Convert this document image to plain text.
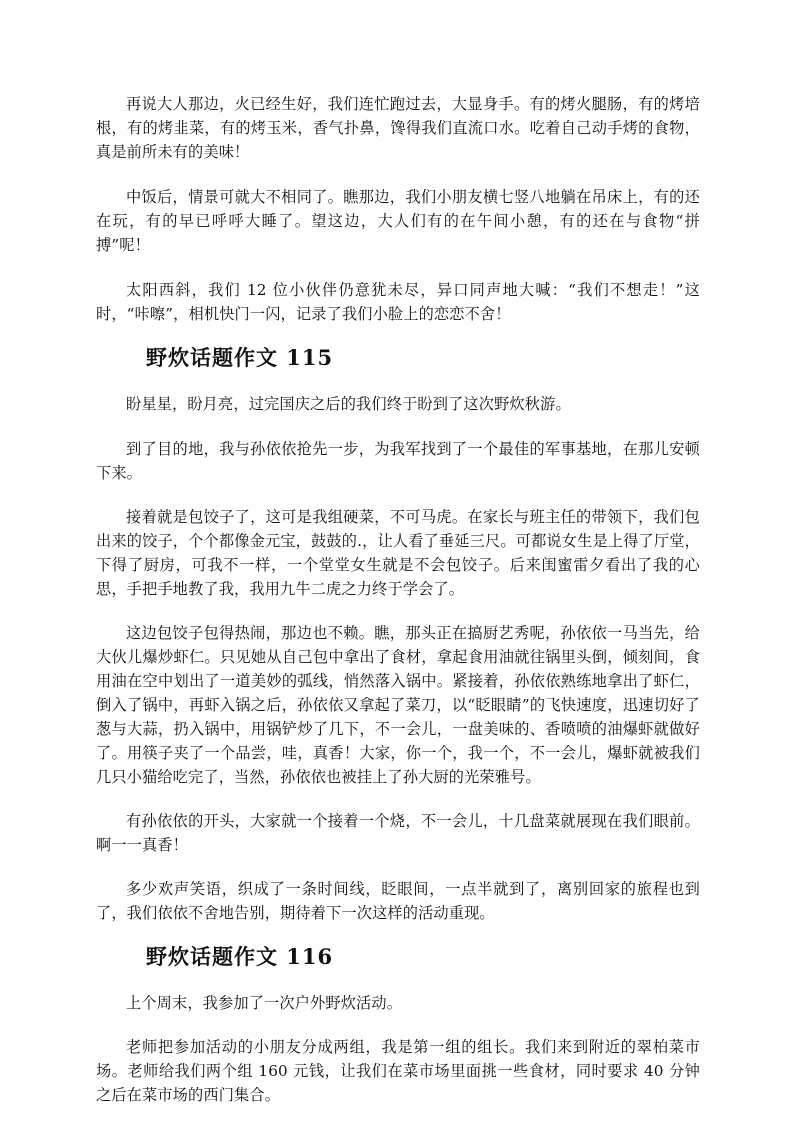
再说大人那边，火已经生好，我们连忙跑过去，大显身手。有的烤火腿肠，有的烤培根，有的烤韭菜，有的烤玉米，香气扑鼻，馋得我们直流口水。吃着自己动手烤的食物，真是前所未有的美味！

中饭后，情景可就大不相同了。瞧那边，我们小朋友横七竖八地躺在吊床上，有的还在玩，有的早已呼呼大睡了。望这边，大人们有的在午间小憩，有的还在与食物“拼搏”呢！

太阳西斜，我们 12 位小伙伴仍意犹未尽，异口同声地大喊：“我们不想走！”这时，“咔嚓”，相机快门一闪，记录了我们小脸上的恋恋不舍！

野炊话题作文 115

盼星星，盼月亮，过完国庆之后的我们终于盼到了这次野炊秋游。

到了目的地，我与孙依依抢先一步，为我军找到了一个最佳的军事基地，在那儿安顿下来。

接着就是包饺子了，这可是我组硬菜，不可马虎。在家长与班主任的带领下，我们包出来的饺子，个个都像金元宝，鼓鼓的.，让人看了垂延三尺。可都说女生是上得了厅堂，下得了厨房，可我不一样，一个堂堂女生就是不会包饺子。后来闺蜜雷夕看出了我的心思，手把手地教了我，我用九牛二虎之力终于学会了。

这边包饺子包得热闹，那边也不赖。瞧，那头正在搞厨艺秀呢，孙依依一马当先，给大伙儿爆炒虾仁。只见她从自己包中拿出了食材，拿起食用油就往锅里头倒，倾刻间，食用油在空中划出了一道美妙的弧线，悄然落入锅中。紧接着，孙依依熟练地拿出了虾仁，倒入了锅中，再虾入锅之后，孙依依又拿起了菜刀，以“眨眼睛”的飞快速度，迅速切好了葱与大蒜，扔入锅中，用锅铲炒了几下，不一会儿，一盘美味的、香喷喷的油爆虾就做好了。用筷子夹了一个品尝，哇，真香！大家，你一个，我一个，不一会儿，爆虾就被我们几只小猫给吃完了，当然，孙依依也被挂上了孙大厨的光荣雅号。

有孙依依的开头，大家就一个接着一个烧，不一会儿，十几盘菜就展现在我们眼前。啊一一真香！

多少欢声笑语，织成了一条时间线，眨眼间，一点半就到了，离别回家的旅程也到了，我们依依不舍地告别，期待着下一次这样的活动重现。

野炊话题作文 116

上个周末，我参加了一次户外野炊活动。

老师把参加活动的小朋友分成两组，我是第一组的组长。我们来到附近的翠柏菜市场。老师给我们两个组 160 元钱，让我们在菜市场里面挑一些食材，同时要求 40 分钟之后在菜市场的西门集合。
